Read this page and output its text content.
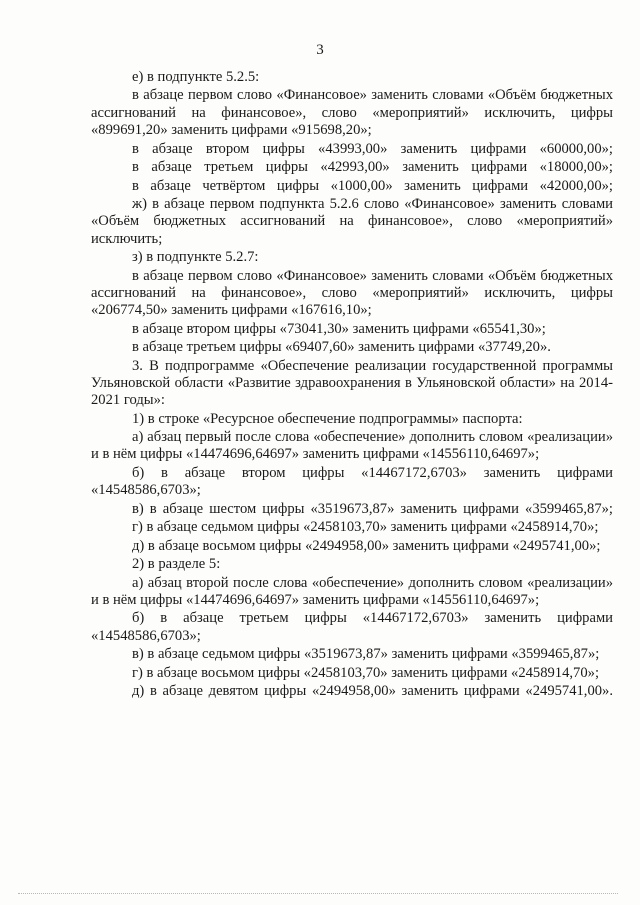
3

е) в подпункте 5.2.5:

в абзаце первом слово «Финансовое» заменить словами «Объём бюджетных ассигнований на финансовое», слово «мероприятий» исключить, цифры «899691,20» заменить цифрами «915698,20»;

в абзаце втором цифры «43993,00» заменить цифрами «60000,00»;

в абзаце третьем цифры «42993,00» заменить цифрами «18000,00»;

в абзаце четвёртом цифры «1000,00» заменить цифрами «42000,00»;

ж) в абзаце первом подпункта 5.2.6 слово «Финансовое» заменить словами «Объём бюджетных ассигнований на финансовое», слово «мероприятий» исключить;

з) в подпункте 5.2.7:

в абзаце первом слово «Финансовое» заменить словами «Объём бюджетных ассигнований на финансовое», слово «мероприятий» исключить, цифры «206774,50» заменить цифрами «167616,10»;

в абзаце втором цифры «73041,30» заменить цифрами «65541,30»;

в абзаце третьем цифры «69407,60» заменить цифрами «37749,20».

3. В подпрограмме «Обеспечение реализации государственной программы Ульяновской области «Развитие здравоохранения в Ульяновской области» на 2014-2021 годы»:

1) в строке «Ресурсное обеспечение подпрограммы» паспорта:

а) абзац первый после слова «обеспечение» дополнить словом «реализации» и в нём цифры «14474696,64697» заменить цифрами «14556110,64697»;

б) в абзаце втором цифры «14467172,6703» заменить цифрами «14548586,6703»;

в) в абзаце шестом цифры «3519673,87» заменить цифрами «3599465,87»;

г) в абзаце седьмом цифры «2458103,70» заменить цифрами «2458914,70»;

д) в абзаце восьмом цифры «2494958,00» заменить цифрами «2495741,00»;

2) в разделе 5:

а) абзац второй после слова «обеспечение» дополнить словом «реализации» и в нём цифры «14474696,64697» заменить цифрами «14556110,64697»;

б) в абзаце третьем цифры «14467172,6703» заменить цифрами «14548586,6703»;

в) в абзаце седьмом цифры «3519673,87» заменить цифрами «3599465,87»;

г) в абзаце восьмом цифры «2458103,70» заменить цифрами «2458914,70»;

д) в абзаце девятом цифры «2494958,00» заменить цифрами «2495741,00».
